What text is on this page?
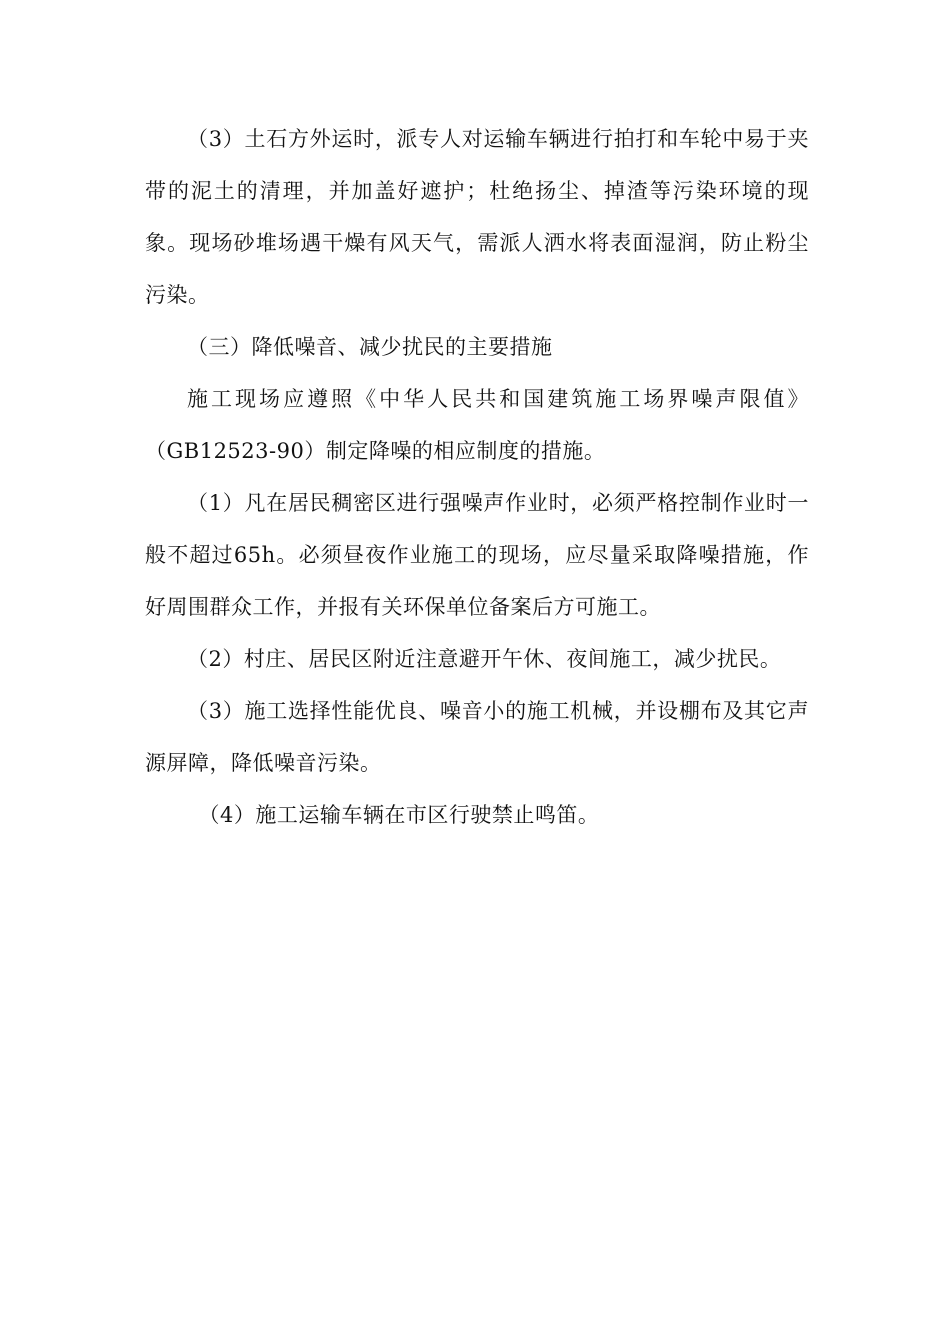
（3）土石方外运时，派专人对运输车辆进行拍打和车轮中易于夹带的泥土的清理，并加盖好遮护；杜绝扬尘、掉渣等污染环境的现象。现场砂堆场遇干燥有风天气，需派人洒水将表面湿润，防止粉尘污染。

（三）降低噪音、减少扰民的主要措施

施工现场应遵照《中华人民共和国建筑施工场界噪声限值》（GB12523-90）制定降噪的相应制度的措施。

（1）凡在居民稠密区进行强噪声作业时，必须严格控制作业时一般不超过65h。必须昼夜作业施工的现场，应尽量采取降噪措施，作好周围群众工作，并报有关环保单位备案后方可施工。

（2）村庄、居民区附近注意避开午休、夜间施工，减少扰民。

（3）施工选择性能优良、噪音小的施工机械，并设棚布及其它声源屏障，降低噪音污染。

（4）施工运输车辆在市区行驶禁止鸣笛。
